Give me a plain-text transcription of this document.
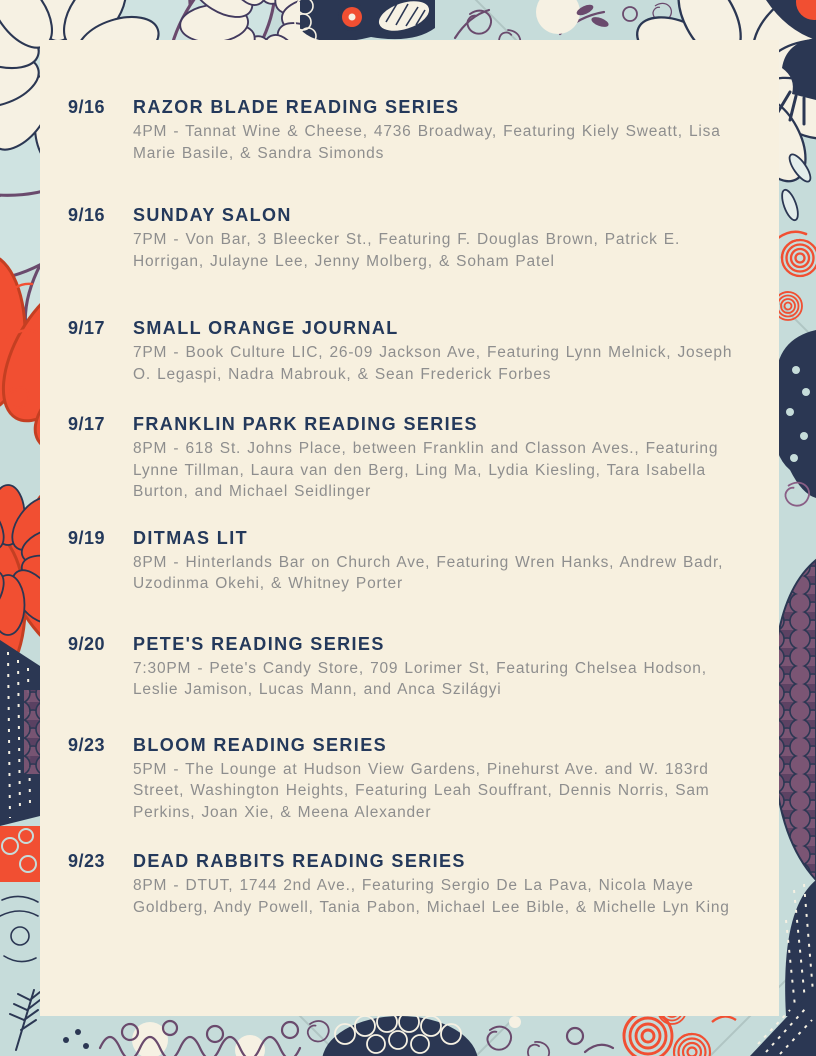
9/16	RAZOR BLADE READING SERIES
4PM - Tannat Wine & Cheese, 4736 Broadway, Featuring Kiely Sweatt, Lisa Marie Basile, & Sandra Simonds
9/16	SUNDAY SALON
7PM - Von Bar, 3 Bleecker St., Featuring F. Douglas Brown, Patrick E. Horrigan, Julayne Lee, Jenny Molberg, & Soham Patel
9/17	SMALL ORANGE JOURNAL
7PM - Book Culture LIC, 26-09 Jackson Ave, Featuring Lynn Melnick, Joseph O. Legaspi, Nadra Mabrouk, & Sean Frederick Forbes
9/17	FRANKLIN PARK READING SERIES
8PM - 618 St. Johns Place, between Franklin and Classon Aves., Featuring Lynne Tillman, Laura van den Berg, Ling Ma, Lydia Kiesling, Tara Isabella Burton, and Michael Seidlinger
9/19	DITMAS LIT
8PM - Hinterlands Bar on Church Ave, Featuring Wren Hanks, Andrew Badr, Uzodinma Okehi, & Whitney Porter
9/20	PETE'S READING SERIES
7:30PM - Pete's Candy Store, 709 Lorimer St, Featuring Chelsea Hodson, Leslie Jamison, Lucas Mann, and Anca Szilágyi
9/23	BLOOM READING SERIES
5PM - The Lounge at Hudson View Gardens, Pinehurst Ave. and W. 183rd Street, Washington Heights, Featuring Leah Souffrant, Dennis Norris, Sam Perkins, Joan Xie, & Meena Alexander
9/23	DEAD RABBITS READING SERIES
8PM - DTUT, 1744 2nd Ave., Featuring Sergio De La Pava, Nicola Maye Goldberg, Andy Powell, Tania Pabon, Michael Lee Bible, & Michelle Lyn King
